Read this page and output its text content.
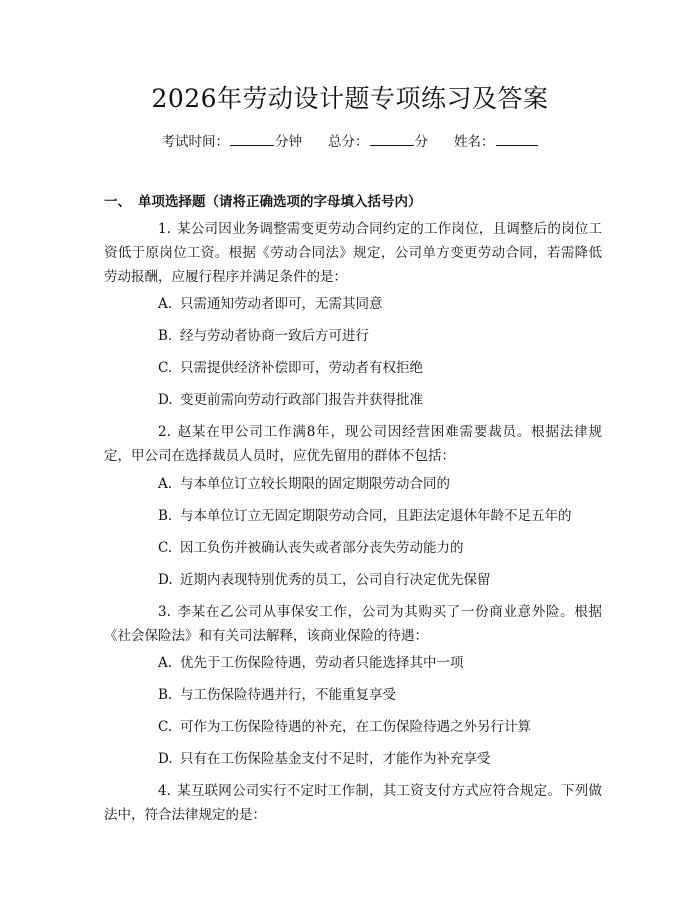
2026年劳动设计题专项练习及答案
考试时间：	分钟 总分：	分 姓名：
一、 单项选择题（请将正确选项的字母填入括号内）
1. 某公司因业务调整需变更劳动合同约定的工作岗位，且调整后的岗位工资低于原岗位工资。根据《劳动合同法》规定，公司单方变更劳动合同，若需降低劳动报酬，应履行程序并满足条件的是：
A. 只需通知劳动者即可，无需其同意
B. 经与劳动者协商一致后方可进行
C. 只需提供经济补偿即可，劳动者有权拒绝
D. 变更前需向劳动行政部门报告并获得批准
2. 赵某在甲公司工作满8年，现公司因经营困难需要裁员。根据法律规定，甲公司在选择裁员人员时，应优先留用的群体不包括：
A. 与本单位订立较长期限的固定期限劳动合同的
B. 与本单位订立无固定期限劳动合同，且距法定退休年龄不足五年的
C. 因工负伤并被确认丧失或者部分丧失劳动能力的
D. 近期内表现特别优秀的员工，公司自行决定优先保留
3. 李某在乙公司从事保安工作，公司为其购买了一份商业意外险。根据《社会保险法》和有关司法解释，该商业保险的待遇：
A. 优先于工伤保险待遇，劳动者只能选择其中一项
B. 与工伤保险待遇并行，不能重复享受
C. 可作为工伤保险待遇的补充，在工伤保险待遇之外另行计算
D. 只有在工伤保险基金支付不足时，才能作为补充享受
4. 某互联网公司实行不定时工作制，其工资支付方式应符合规定。下列做法中，符合法律规定的是：
